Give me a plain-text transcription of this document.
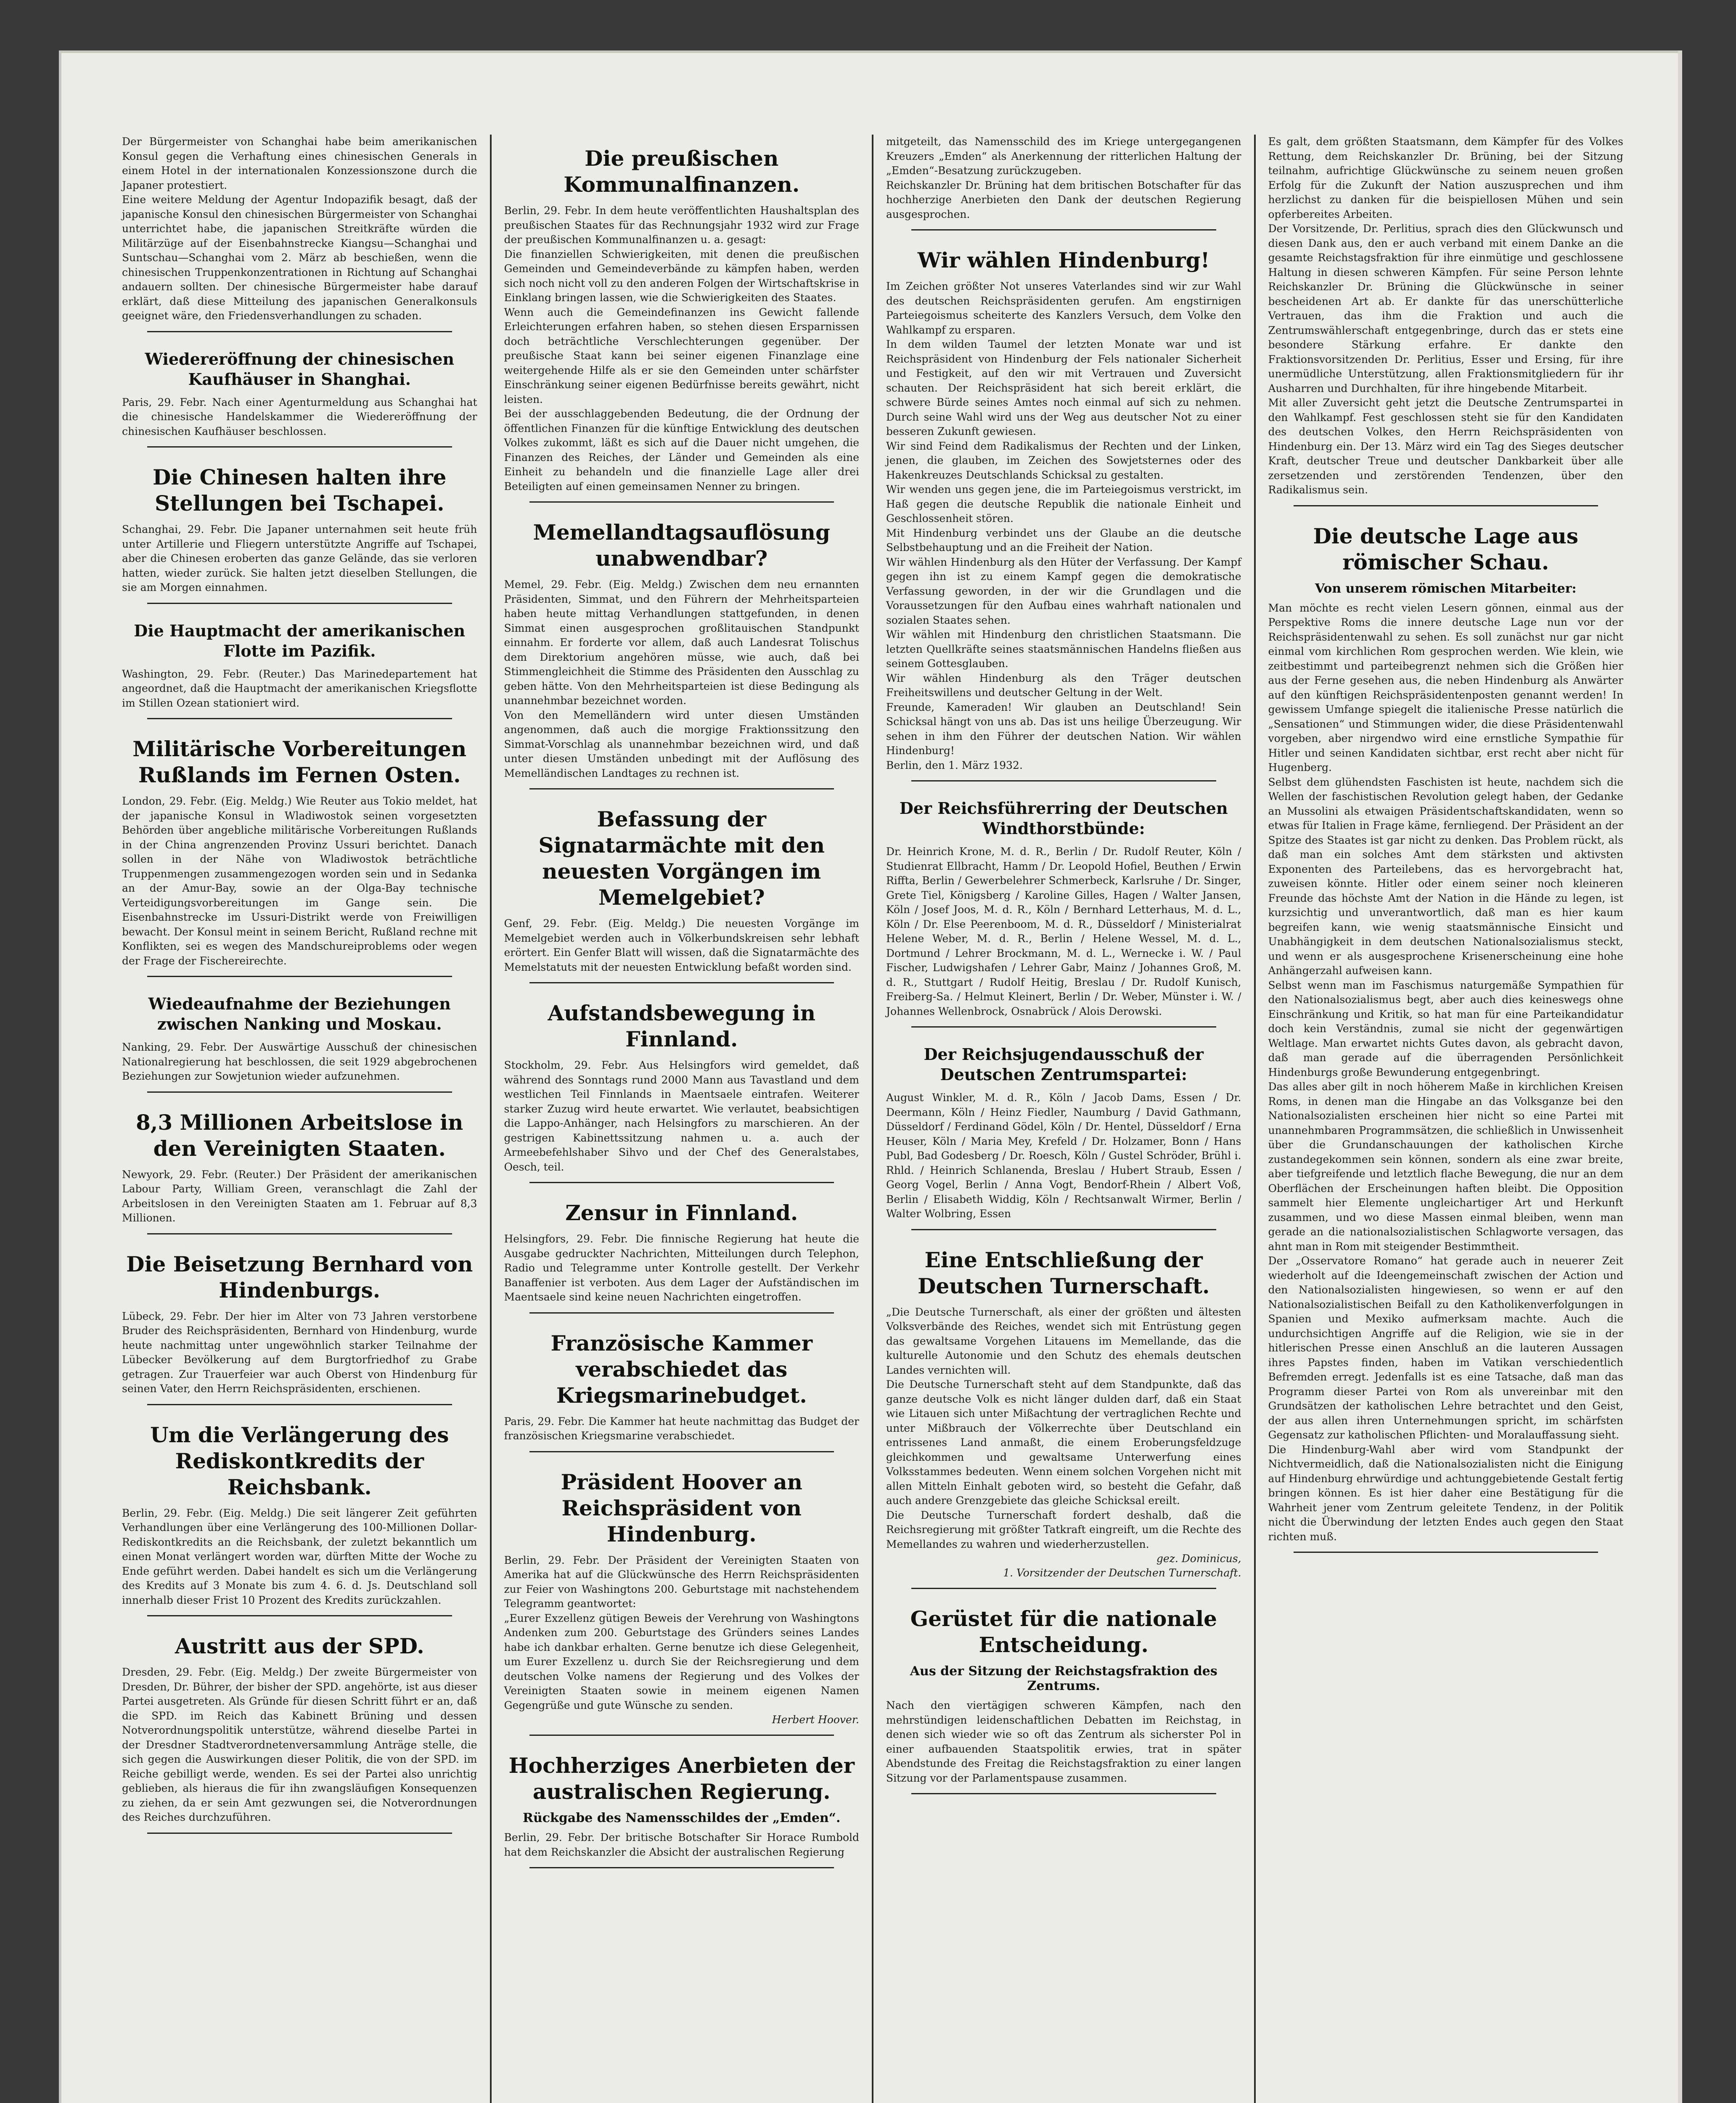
Der Bürgermeister von Schanghai habe beim amerikanischen Konsul gegen die Verhaftung eines chinesischen Generals in einem Hotel in der internationalen Konzessionszone durch die Japaner protestiert.
Eine weitere Meldung der Agentur Indopazifik besagt, daß der japanische Konsul den chinesischen Bürgermeister von Schanghai unterrichtet habe, die japanischen Streitkräfte würden die Militärzüge auf der Eisenbahnstrecke Kiangsu—Schanghai und Suntschau—Schanghai vom 2. März ab beschießen, wenn die chinesischen Truppenkonzentrationen in Richtung auf Schanghai andauern sollten. Der chinesische Bürgermeister habe darauf erklärt, daß diese Mitteilung des japanischen Generalkonsuls geeignet wäre, den Friedensverhandlungen zu schaden.

Wiedereröffnung der chinesischen Kaufhäuser in Shanghai.

Paris, 29. Febr. Nach einer Agenturmeldung aus Schanghai hat die chinesische Handelskammer die Wiedereröffnung der chinesischen Kaufhäuser beschlossen.

Die Chinesen halten ihre Stellungen bei Tschapei.

Schanghai, 29. Febr. Die Japaner unternahmen seit heute früh unter Artillerie und Fliegern unterstützte Angriffe auf Tschapei, aber die Chinesen eroberten das ganze Gelände, das sie verloren hatten, wieder zurück. Sie halten jetzt dieselben Stellungen, die sie am Morgen einnahmen.

Die Hauptmacht der amerikanischen Flotte im Pazifik.

Washington, 29. Febr. (Reuter.) Das Marinedepartement hat angeordnet, daß die Hauptmacht der amerikanischen Kriegsflotte im Stillen Ozean stationiert wird.

Militärische Vorbereitungen Rußlands im Fernen Osten.

London, 29. Febr. (Eig. Meldg.) Wie Reuter aus Tokio meldet, hat der japanische Konsul in Wladiwostok seinen vorgesetzten Behörden über angebliche militärische Vorbereitungen Rußlands in der China angrenzenden Provinz Ussuri berichtet. Danach sollen in der Nähe von Wladiwostok beträchtliche Truppenmengen zusammengezogen worden sein und in Sedanka an der Amur-Bay, sowie an der Olga-Bay technische Verteidigungsvorbereitungen im Gange sein. Die Eisenbahnstrecke im Ussuri-Distrikt werde von Freiwilligen bewacht. Der Konsul meint in seinem Bericht, Rußland rechne mit Konflikten, sei es wegen des Mandschureiproblems oder wegen der Frage der Fischereirechte.

Wiedeaufnahme der Beziehungen zwischen Nanking und Moskau.

Nanking, 29. Febr. Der Auswärtige Ausschuß der chinesischen Nationalregierung hat beschlossen, die seit 1929 abgebrochenen Beziehungen zur Sowjetunion wieder aufzunehmen.

8,3 Millionen Arbeitslose in den Vereinigten Staaten.

Newyork, 29. Febr. (Reuter.) Der Präsident der amerikanischen Labour Party, William Green, veranschlagt die Zahl der Arbeitslosen in den Vereinigten Staaten am 1. Februar auf 8,3 Millionen.

Die Beisetzung Bernhard von Hindenburgs.

Lübeck, 29. Febr. Der hier im Alter von 73 Jahren verstorbene Bruder des Reichspräsidenten, Bernhard von Hindenburg, wurde heute nachmittag unter ungewöhnlich starker Teilnahme der Lübecker Bevölkerung auf dem Burgtorfriedhof zu Grabe getragen. Zur Trauerfeier war auch Oberst von Hindenburg für seinen Vater, den Herrn Reichspräsidenten, erschienen.

Um die Verlängerung des Rediskontkredits der Reichsbank.

Berlin, 29. Febr. (Eig. Meldg.) Die seit längerer Zeit geführten Verhandlungen über eine Verlängerung des 100-Millionen Dollar-Rediskontkredits an die Reichsbank, der zuletzt bekanntlich um einen Monat verlängert worden war, dürften Mitte der Woche zu Ende geführt werden. Dabei handelt es sich um die Verlängerung des Kredits auf 3 Monate bis zum 4. 6. d. Js. Deutschland soll innerhalb dieser Frist 10 Prozent des Kredits zurückzahlen.

Austritt aus der SPD.

Dresden, 29. Febr. (Eig. Meldg.) Der zweite Bürgermeister von Dresden, Dr. Bührer, der bisher der SPD. angehörte, ist aus dieser Partei ausgetreten. Als Gründe für diesen Schritt führt er an, daß die SPD. im Reich das Kabinett Brüning und dessen Notverordnungspolitik unterstütze, während dieselbe Partei in der Dresdner Stadtverordnetenversammlung Anträge stelle, die sich gegen die Auswirkungen dieser Politik, die von der SPD. im Reiche gebilligt werde, wenden. Es sei der Partei also unrichtig geblieben, als hieraus die für ihn zwangsläufigen Konsequenzen zu ziehen, da er sein Amt gezwungen sei, die Notverordnungen des Reiches durchzuführen.

Die preußischen Kommunalfinanzen.

Berlin, 29. Febr. In dem heute veröffentlichten Haushaltsplan des preußischen Staates für das Rechnungsjahr 1932 wird zur Frage der preußischen Kommunalfinanzen u. a. gesagt:
Die finanziellen Schwierigkeiten, mit denen die preußischen Gemeinden und Gemeindeverbände zu kämpfen haben, werden sich noch nicht voll zu den anderen Folgen der Wirtschaftskrise in Einklang bringen lassen, wie die Schwierigkeiten des Staates.
Wenn auch die Gemeindefinanzen ins Gewicht fallende Erleichterungen erfahren haben, so stehen diesen Ersparnissen doch beträchtliche Verschlechterungen gegenüber. Der preußische Staat kann bei seiner eigenen Finanzlage eine weitergehende Hilfe als er sie den Gemeinden unter schärfster Einschränkung seiner eigenen Bedürfnisse bereits gewährt, nicht leisten.
Bei der ausschlaggebenden Bedeutung, die der Ordnung der öffentlichen Finanzen für die künftige Entwicklung des deutschen Volkes zukommt, läßt es sich auf die Dauer nicht umgehen, die Finanzen des Reiches, der Länder und Gemeinden als eine Einheit zu behandeln und die finanzielle Lage aller drei Beteiligten auf einen gemeinsamen Nenner zu bringen.

Memellandtagsauflösung unabwendbar?

Memel, 29. Febr. (Eig. Meldg.) Zwischen dem neu ernannten Präsidenten, Simmat, und den Führern der Mehrheitsparteien haben heute mittag Verhandlungen stattgefunden, in denen Simmat einen ausgesprochen großlitauischen Standpunkt einnahm. Er forderte vor allem, daß auch Landesrat Tolischus dem Direktorium angehören müsse, wie auch, daß bei Stimmengleichheit die Stimme des Präsidenten den Ausschlag zu geben hätte. Von den Mehrheitsparteien ist diese Bedingung als unannehmbar bezeichnet worden.
Von den Memelländern wird unter diesen Umständen angenommen, daß auch die morgige Fraktionssitzung den Simmat-Vorschlag als unannehmbar bezeichnen wird, und daß unter diesen Umständen unbedingt mit der Auflösung des Memelländischen Landtages zu rechnen ist.

Befassung der Signatarmächte mit den neuesten Vorgängen im Memelgebiet?

Genf, 29. Febr. (Eig. Meldg.) Die neuesten Vorgänge im Memelgebiet werden auch in Völkerbundskreisen sehr lebhaft erörtert. Ein Genfer Blatt will wissen, daß die Signatarmächte des Memelstatuts mit der neuesten Entwicklung befaßt worden sind.

Aufstandsbewegung in Finnland.

Stockholm, 29. Febr. Aus Helsingfors wird gemeldet, daß während des Sonntags rund 2000 Mann aus Tavastland und dem westlichen Teil Finnlands in Maentsaele eintrafen. Weiterer starker Zuzug wird heute erwartet. Wie verlautet, beabsichtigen die Lappo-Anhänger, nach Helsingfors zu marschieren. An der gestrigen Kabinettssitzung nahmen u. a. auch der Armeebefehlshaber Sihvo und der Chef des Generalstabes, Oesch, teil.

Zensur in Finnland.

Helsingfors, 29. Febr. Die finnische Regierung hat heute die Ausgabe gedruckter Nachrichten, Mitteilungen durch Telephon, Radio und Telegramme unter Kontrolle gestellt. Der Verkehr Banaffenier ist verboten. Aus dem Lager der Aufständischen im Maentsaele sind keine neuen Nachrichten eingetroffen.

Französische Kammer verabschiedet das Kriegsmarinebudget.

Paris, 29. Febr. Die Kammer hat heute nachmittag das Budget der französischen Kriegsmarine verabschiedet.

Präsident Hoover an Reichspräsident von Hindenburg.

Berlin, 29. Febr. Der Präsident der Vereinigten Staaten von Amerika hat auf die Glückwünsche des Herrn Reichspräsidenten zur Feier von Washingtons 200. Geburtstage mit nachstehendem Telegramm geantwortet:
„Eurer Exzellenz gütigen Beweis der Verehrung von Washingtons Andenken zum 200. Geburtstage des Gründers seines Landes habe ich dankbar erhalten. Gerne benutze ich diese Gelegenheit, um Eurer Exzellenz u. durch Sie der Reichsregierung und dem deutschen Volke namens der Regierung und des Volkes der Vereinigten Staaten sowie in meinem eigenen Namen Gegengrüße und gute Wünsche zu senden.

Herbert Hoover.
Hochherziges Anerbieten der australischen Regierung.
Rückgabe des Namensschildes der „Emden“.

Berlin, 29. Febr. Der britische Botschafter Sir Horace Rumbold hat dem Reichskanzler die Absicht der australischen Regierung

mitgeteilt, das Namensschild des im Kriege untergegangenen Kreuzers „Emden“ als Anerkennung der ritterlichen Haltung der „Emden“-Besatzung zurückzugeben.
Reichskanzler Dr. Brüning hat dem britischen Botschafter für das hochherzige Anerbieten den Dank der deutschen Regierung ausgesprochen.

Wir wählen Hindenburg!

Im Zeichen größter Not unseres Vaterlandes sind wir zur Wahl des deutschen Reichspräsidenten gerufen. Am engstirnigen Parteiegoismus scheiterte des Kanzlers Versuch, dem Volke den Wahlkampf zu ersparen.
In dem wilden Taumel der letzten Monate war und ist Reichspräsident von Hindenburg der Fels nationaler Sicherheit und Festigkeit, auf den wir mit Vertrauen und Zuversicht schauten. Der Reichspräsident hat sich bereit erklärt, die schwere Bürde seines Amtes noch einmal auf sich zu nehmen. Durch seine Wahl wird uns der Weg aus deutscher Not zu einer besseren Zukunft gewiesen.
Wir sind Feind dem Radikalismus der Rechten und der Linken, jenen, die glauben, im Zeichen des Sowjetsternes oder des Hakenkreuzes Deutschlands Schicksal zu gestalten.
Wir wenden uns gegen jene, die im Parteiegoismus verstrickt, im Haß gegen die deutsche Republik die nationale Einheit und Geschlossenheit stören.
Mit Hindenburg verbindet uns der Glaube an die deutsche Selbstbehauptung und an die Freiheit der Nation.
Wir wählen Hindenburg als den Hüter der Verfassung. Der Kampf gegen ihn ist zu einem Kampf gegen die demokratische Verfassung geworden, in der wir die Grundlagen und die Voraussetzungen für den Aufbau eines wahrhaft nationalen und sozialen Staates sehen.
Wir wählen mit Hindenburg den christlichen Staatsmann. Die letzten Quellkräfte seines staatsmännischen Handelns fließen aus seinem Gottesglauben.
Wir wählen Hindenburg als den Träger deutschen Freiheitswillens und deutscher Geltung in der Welt.
Freunde, Kameraden! Wir glauben an Deutschland! Sein Schicksal hängt von uns ab. Das ist uns heilige Überzeugung. Wir sehen in ihm den Führer der deutschen Nation. Wir wählen Hindenburg!
Berlin, den 1. März 1932.

Der Reichsführerring der Deutschen Windthorstbünde:

Dr. Heinrich Krone, M. d. R., Berlin / Dr. Rudolf Reuter, Köln / Studienrat Ellbracht, Hamm / Dr. Leopold Hofiel, Beuthen / Erwin Riffta, Berlin / Gewerbelehrer Schmerbeck, Karlsruhe / Dr. Singer, Grete Tiel, Königsberg / Karoline Gilles, Hagen / Walter Jansen, Köln / Josef Joos, M. d. R., Köln / Bernhard Letterhaus, M. d. L., Köln / Dr. Else Peerenboom, M. d. R., Düsseldorf / Ministerialrat Helene Weber, M. d. R., Berlin / Helene Wessel, M. d. L., Dortmund / Lehrer Brockmann, M. d. L., Wernecke i. W. / Paul Fischer, Ludwigshafen / Lehrer Gabr, Mainz / Johannes Groß, M. d. R., Stuttgart / Rudolf Heitig, Breslau / Dr. Rudolf Kunisch, Freiberg-Sa. / Helmut Kleinert, Berlin / Dr. Weber, Münster i. W. / Johannes Wellenbrock, Osnabrück / Alois Derowski.

Der Reichsjugendausschuß der Deutschen Zentrumspartei:

August Winkler, M. d. R., Köln / Jacob Dams, Essen / Dr. Deermann, Köln / Heinz Fiedler, Naumburg / David Gathmann, Düsseldorf / Ferdinand Gödel, Köln / Dr. Hentel, Düsseldorf / Erna Heuser, Köln / Maria Mey, Krefeld / Dr. Holzamer, Bonn / Hans Publ, Bad Godesberg / Dr. Roesch, Köln / Gustel Schröder, Brühl i. Rhld. / Heinrich Schlanenda, Breslau / Hubert Straub, Essen / Georg Vogel, Berlin / Anna Vogt, Bendorf-Rhein / Albert Voß, Berlin / Elisabeth Widdig, Köln / Rechtsanwalt Wirmer, Berlin / Walter Wolbring, Essen

Eine Entschließung der Deutschen Turnerschaft.

„Die Deutsche Turnerschaft, als einer der größten und ältesten Volksverbände des Reiches, wendet sich mit Entrüstung gegen das gewaltsame Vorgehen Litauens im Memellande, das die kulturelle Autonomie und den Schutz des ehemals deutschen Landes vernichten will.
Die Deutsche Turnerschaft steht auf dem Standpunkte, daß das ganze deutsche Volk es nicht länger dulden darf, daß ein Staat wie Litauen sich unter Mißachtung der vertraglichen Rechte und unter Mißbrauch der Völkerrechte über Deutschland ein entrissenes Land anmaßt, die einem Eroberungsfeldzuge gleichkommen und gewaltsame Unterwerfung eines Volksstammes bedeuten. Wenn einem solchen Vorgehen nicht mit allen Mitteln Einhalt geboten wird, so besteht die Gefahr, daß auch andere Grenzgebiete das gleiche Schicksal ereilt.
Die Deutsche Turnerschaft fordert deshalb, daß die Reichsregierung mit größter Tatkraft eingreift, um die Rechte des Memellandes zu wahren und wiederherzustellen.

gez. Dominicus,
1. Vorsitzender der Deutschen Turnerschaft.
Gerüstet für die nationale Entscheidung.
Aus der Sitzung der Reichstagsfraktion des Zentrums.

Nach den viertägigen schweren Kämpfen, nach den mehrstündigen leidenschaftlichen Debatten im Reichstag, in denen sich wieder wie so oft das Zentrum als sicherster Pol in einer aufbauenden Staatspolitik erwies, trat in später Abendstunde des Freitag die Reichstagsfraktion zu einer langen Sitzung vor der Parlamentspause zusammen.

Es galt, dem größten Staatsmann, dem Kämpfer für des Volkes Rettung, dem Reichskanzler Dr. Brüning, bei der Sitzung teilnahm, aufrichtige Glückwünsche zu seinem neuen großen Erfolg für die Zukunft der Nation auszusprechen und ihm herzlichst zu danken für die beispiellosen Mühen und sein opferbereites Arbeiten.
Der Vorsitzende, Dr. Perlitius, sprach dies den Glückwunsch und diesen Dank aus, den er auch verband mit einem Danke an die gesamte Reichstagsfraktion für ihre einmütige und geschlossene Haltung in diesen schweren Kämpfen. Für seine Person lehnte Reichskanzler Dr. Brüning die Glückwünsche in seiner bescheidenen Art ab. Er dankte für das unerschütterliche Vertrauen, das ihm die Fraktion und auch die Zentrumswählerschaft entgegenbringe, durch das er stets eine besondere Stärkung erfahre. Er dankte den Fraktionsvorsitzenden Dr. Perlitius, Esser und Ersing, für ihre unermüdliche Unterstützung, allen Fraktionsmitgliedern für ihr Ausharren und Durchhalten, für ihre hingebende Mitarbeit.
Mit aller Zuversicht geht jetzt die Deutsche Zentrumspartei in den Wahlkampf. Fest geschlossen steht sie für den Kandidaten des deutschen Volkes, den Herrn Reichspräsidenten von Hindenburg ein. Der 13. März wird ein Tag des Sieges deutscher Kraft, deutscher Treue und deutscher Dankbarkeit über alle zersetzenden und zerstörenden Tendenzen, über den Radikalismus sein.

Die deutsche Lage aus römischer Schau.
Von unserem römischen Mitarbeiter:

Man möchte es recht vielen Lesern gönnen, einmal aus der Perspektive Roms die innere deutsche Lage nun vor der Reichspräsidentenwahl zu sehen. Es soll zunächst nur gar nicht einmal vom kirchlichen Rom gesprochen werden. Wie klein, wie zeitbestimmt und parteibegrenzt nehmen sich die Größen hier aus der Ferne gesehen aus, die neben Hindenburg als Anwärter auf den künftigen Reichspräsidentenposten genannt werden! In gewissem Umfange spiegelt die italienische Presse natürlich die „Sensationen“ und Stimmungen wider, die diese Präsidentenwahl vorgeben, aber nirgendwo wird eine ernstliche Sympathie für Hitler und seinen Kandidaten sichtbar, erst recht aber nicht für Hugenberg.
Selbst dem glühendsten Faschisten ist heute, nachdem sich die Wellen der faschistischen Revolution gelegt haben, der Gedanke an Mussolini als etwaigen Präsidentschaftskandidaten, wenn so etwas für Italien in Frage käme, fernliegend. Der Präsident an der Spitze des Staates ist gar nicht zu denken. Das Problem rückt, als daß man ein solches Amt dem stärksten und aktivsten Exponenten des Parteilebens, das es hervorgebracht hat, zuweisen könnte. Hitler oder einem seiner noch kleineren Freunde das höchste Amt der Nation in die Hände zu legen, ist kurzsichtig und unverantwortlich, daß man es hier kaum begreifen kann, wie wenig staatsmännische Einsicht und Unabhängigkeit in dem deutschen Nationalsozialismus steckt, und wenn er als ausgesprochene Krisenerscheinung eine hohe Anhängerzahl aufweisen kann.
Selbst wenn man im Faschismus naturgemäße Sympathien für den Nationalsozialismus begt, aber auch dies keineswegs ohne Einschränkung und Kritik, so hat man für eine Parteikandidatur doch kein Verständnis, zumal sie nicht der gegenwärtigen Weltlage. Man erwartet nichts Gutes davon, als gebracht davon, daß man gerade auf die überragenden Persönlichkeit Hindenburgs große Bewunderung entgegenbringt.
Das alles aber gilt in noch höherem Maße in kirchlichen Kreisen Roms, in denen man die Hingabe an das Volksganze bei den Nationalsozialisten erscheinen hier nicht so eine Partei mit unannehmbaren Programmsätzen, die schließlich in Unwissenheit über die Grundanschauungen der katholischen Kirche zustandegekommen sein können, sondern als eine zwar breite, aber tiefgreifende und letztlich flache Bewegung, die nur an dem Oberflächen der Erscheinungen haften bleibt. Die Opposition sammelt hier Elemente ungleichartiger Art und Herkunft zusammen, und wo diese Massen einmal bleiben, wenn man gerade an die nationalsozialistischen Schlagworte versagen, das ahnt man in Rom mit steigender Bestimmtheit.
Der „Osservatore Romano“ hat gerade auch in neuerer Zeit wiederholt auf die Ideengemeinschaft zwischen der Action und den Nationalsozialisten hingewiesen, so wenn er auf den Nationalsozialistischen Beifall zu den Katholikenverfolgungen in Spanien und Mexiko aufmerksam machte. Auch die undurchsichtigen Angriffe auf die Religion, wie sie in der hitlerischen Presse einen Anschluß an die lauteren Aussagen ihres Papstes finden, haben im Vatikan verschiedentlich Befremden erregt. Jedenfalls ist es eine Tatsache, daß man das Programm dieser Partei von Rom als unvereinbar mit den Grundsätzen der katholischen Lehre betrachtet und den Geist, der aus allen ihren Unternehmungen spricht, im schärfsten Gegensatz zur katholischen Pflichten- und Moralauffassung sieht.
Die Hindenburg-Wahl aber wird vom Standpunkt der Nichtvermeidlich, daß die Nationalsozialisten nicht die Einigung auf Hindenburg ehrwürdige und achtunggebietende Gestalt fertig bringen können. Es ist hier daher eine Bestätigung für die Wahrheit jener vom Zentrum geleitete Tendenz, in der Politik nicht die Überwindung der letzten Endes auch gegen den Staat richten muß.
